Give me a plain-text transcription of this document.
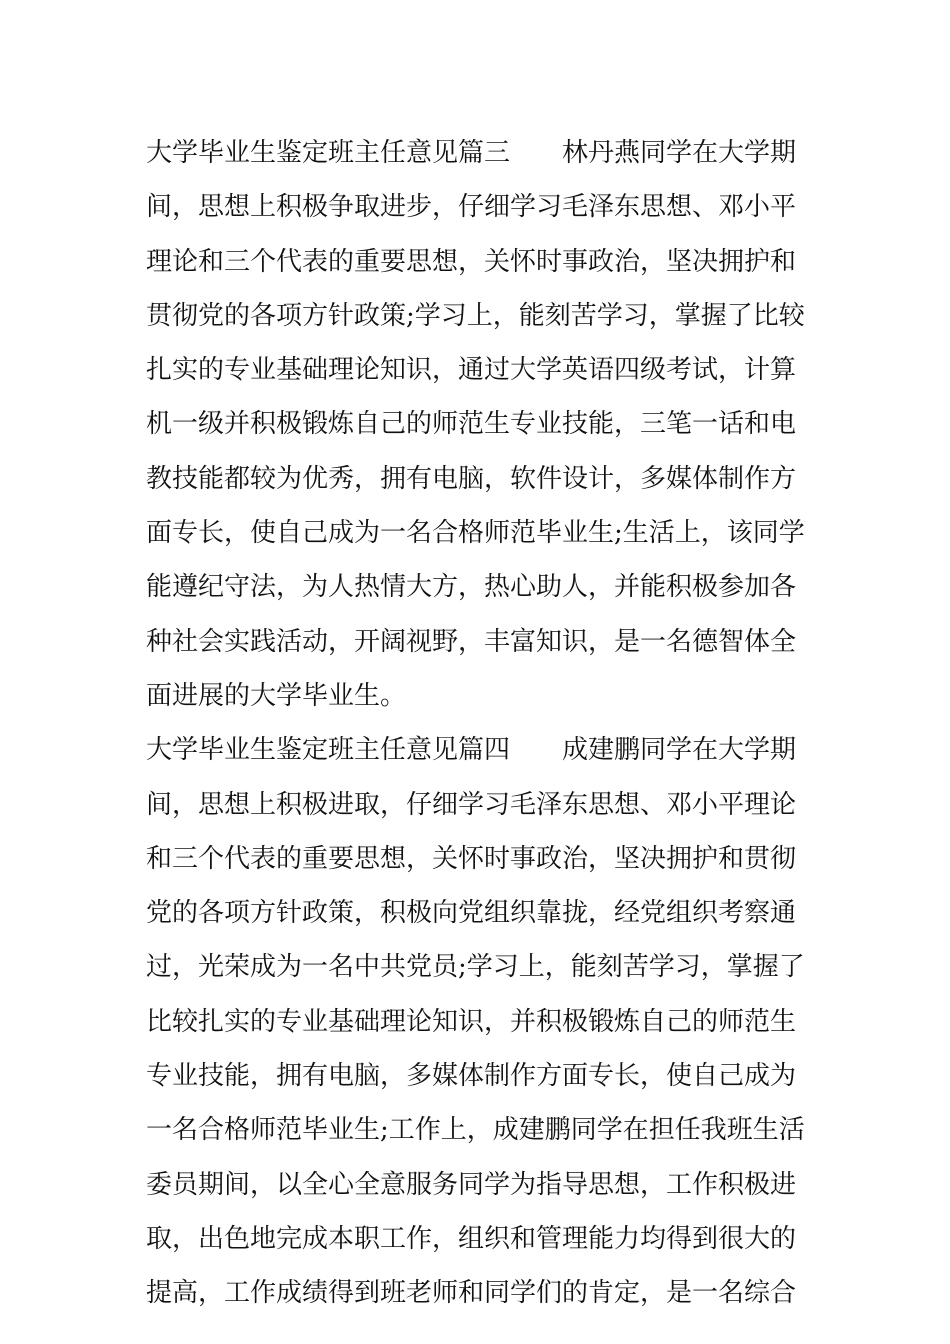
大学毕业生鉴定班主任意见篇三　　林丹燕同学在大学期
间，思想上积极争取进步，仔细学习毛泽东思想、邓小平
理论和三个代表的重要思想，关怀时事政治，坚决拥护和
贯彻党的各项方针政策;学习上，能刻苦学习，掌握了比较
扎实的专业基础理论知识，通过大学英语四级考试，计算
机一级并积极锻炼自己的师范生专业技能，三笔一话和电
教技能都较为优秀，拥有电脑，软件设计，多媒体制作方
面专长，使自己成为一名合格师范毕业生;生活上，该同学
能遵纪守法，为人热情大方，热心助人，并能积极参加各
种社会实践活动，开阔视野，丰富知识，是一名德智体全
面进展的大学毕业生。
大学毕业生鉴定班主任意见篇四　　成建鹏同学在大学期
间，思想上积极进取，仔细学习毛泽东思想、邓小平理论
和三个代表的重要思想，关怀时事政治，坚决拥护和贯彻
党的各项方针政策，积极向党组织靠拢，经党组织考察通
过，光荣成为一名中共党员;学习上，能刻苦学习，掌握了
比较扎实的专业基础理论知识，并积极锻炼自己的师范生
专业技能，拥有电脑，多媒体制作方面专长，使自己成为
一名合格师范毕业生;工作上，成建鹏同学在担任我班生活
委员期间，以全心全意服务同学为指导思想，工作积极进
取，出色地完成本职工作，组织和管理能力均得到很大的
提高，工作成绩得到班老师和同学们的肯定，是一名综合
